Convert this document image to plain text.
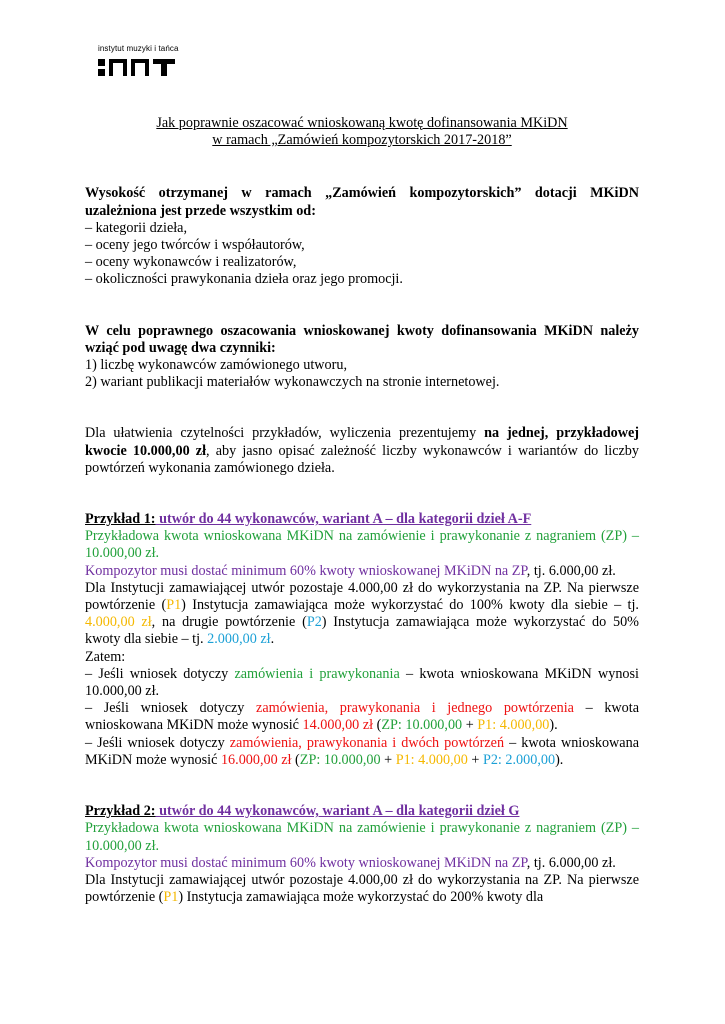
instytut muzyki i tańca

Jak poprawnie oszacować wnioskowaną kwotę dofinansowania MKiDN

w ramach „Zamówień kompozytorskich 2017-2018”

Wysokość otrzymanej w ramach „Zamówień kompozytorskich” dotacji MKiDN uzależniona jest przede wszystkim od:

– kategorii dzieła,

– oceny jego twórców i współautorów,

– oceny wykonawców i realizatorów,

– okoliczności prawykonania dzieła oraz jego promocji.

W celu poprawnego oszacowania wnioskowanej kwoty dofinansowania MKiDN należy wziąć pod uwagę dwa czynniki:

1) liczbę wykonawców zamówionego utworu,

2) wariant publikacji materiałów wykonawczych na stronie internetowej.

Dla ułatwienia czytelności przykładów, wyliczenia prezentujemy na jednej, przykładowej kwocie 10.000,00 zł, aby jasno opisać zależność liczby wykonawców i wariantów do liczby powtórzeń wykonania zamówionego dzieła.

Przykład 1: utwór do 44 wykonawców, wariant A – dla kategorii dzieł A-F

Przykładowa kwota wnioskowana MKiDN na zamówienie i prawykonanie z nagraniem (ZP) – 10.000,00 zł.

Kompozytor musi dostać minimum 60% kwoty wnioskowanej MKiDN na ZP, tj. 6.000,00 zł.

Dla Instytucji zamawiającej utwór pozostaje 4.000,00 zł do wykorzystania na ZP. Na pierwsze powtórzenie (P1) Instytucja zamawiająca może wykorzystać do 100% kwoty dla siebie – tj. 4.000,00 zł, na drugie powtórzenie (P2) Instytucja zamawiająca może wykorzystać do 50% kwoty dla siebie – tj. 2.000,00 zł.

Zatem:

– Jeśli wniosek dotyczy zamówienia i prawykonania – kwota wnioskowana MKiDN wynosi 10.000,00 zł.

– Jeśli wniosek dotyczy zamówienia, prawykonania i jednego powtórzenia – kwota wnioskowana MKiDN może wynosić 14.000,00 zł (ZP: 10.000,00 + P1: 4.000,00).

– Jeśli wniosek dotyczy zamówienia, prawykonania i dwóch powtórzeń – kwota wnioskowana MKiDN może wynosić 16.000,00 zł (ZP: 10.000,00 + P1: 4.000,00 + P2: 2.000,00).

Przykład 2: utwór do 44 wykonawców, wariant A – dla kategorii dzieł G

Przykładowa kwota wnioskowana MKiDN na zamówienie i prawykonanie z nagraniem (ZP) – 10.000,00 zł.

Kompozytor musi dostać minimum 60% kwoty wnioskowanej MKiDN na ZP, tj. 6.000,00 zł.

Dla Instytucji zamawiającej utwór pozostaje 4.000,00 zł do wykorzystania na ZP. Na pierwsze powtórzenie (P1) Instytucja zamawiająca może wykorzystać do 200% kwoty dla
